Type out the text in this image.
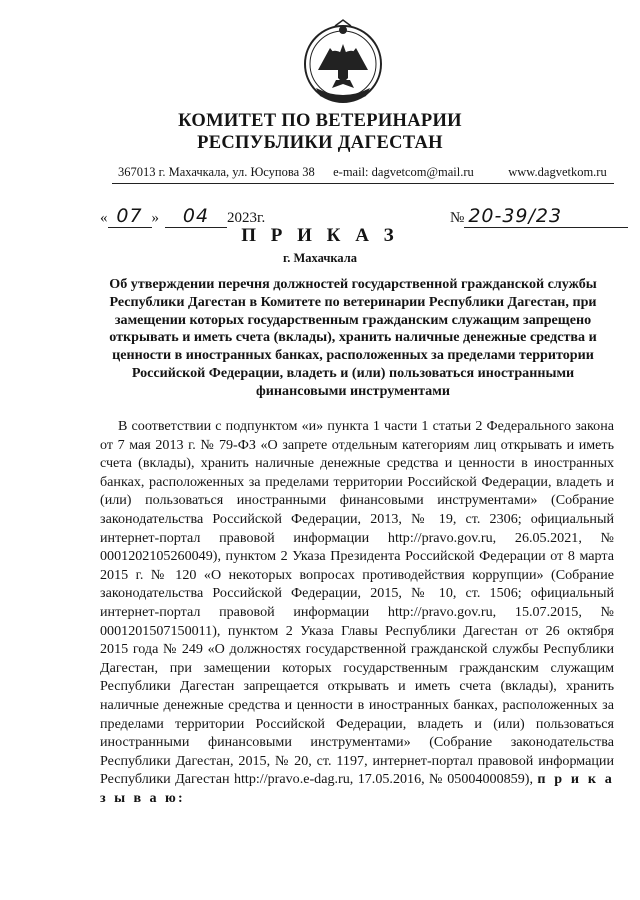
КОМИТЕТ ПО ВЕТЕРИНАРИИ
РЕСПУБЛИКИ ДАГЕСТАН
367013 г. Махачкала, ул. Юсупова 38 e-mail: dagvetcom@mail.ru	www.dagvetkom.ru
« 07 » 04 2023г.	№ 20-39/23
П Р И К А З
г. Махачкала
Об утверждении перечня должностей государственной гражданской службы Республики Дагестан в Комитете по ветеринарии Республики Дагестан, при замещении которых государственным гражданским служащим запрещено открывать и иметь счета (вклады), хранить наличные денежные средства и ценности в иностранных банках, расположенных за пределами территории Российской Федерации, владеть и (или) пользоваться иностранными финансовыми инструментами
В соответствии с подпунктом «и» пункта 1 части 1 статьи 2 Федерального закона от 7 мая 2013 г. № 79-ФЗ «О запрете отдельным категориям лиц открывать и иметь счета (вклады), хранить наличные денежные средства и ценности в иностранных банках, расположенных за пределами территории Российской Федерации, владеть и (или) пользоваться иностранными финансовыми инструментами» (Собрание законодательства Российской Федерации, 2013, № 19, ст. 2306; официальный интернет-портал правовой информации http://pravo.gov.ru, 26.05.2021, № 0001202105260049), пунктом 2 Указа Президента Российской Федерации от 8 марта 2015 г. № 120 «О некоторых вопросах противодействия коррупции» (Собрание законодательства Российской Федерации, 2015, № 10, ст. 1506; официальный интернет-портал правовой информации http://pravo.gov.ru, 15.07.2015, № 0001201507150011), пунктом 2 Указа Главы Республики Дагестан от 26 октября 2015 года № 249 «О должностях государственной гражданской службы Республики Дагестан, при замещении которых государственным гражданским служащим Республики Дагестан запрещается открывать и иметь счета (вклады), хранить наличные денежные средства и ценности в иностранных банках, расположенных за пределами территории Российской Федерации, владеть и (или) пользоваться иностранными финансовыми инструментами» (Собрание законодательства Республики Дагестан, 2015, № 20, ст. 1197, интернет-портал правовой информации Республики Дагестан http://pravo.e-dag.ru, 17.05.2016, № 05004000859), п р и к а з ы в а ю:
